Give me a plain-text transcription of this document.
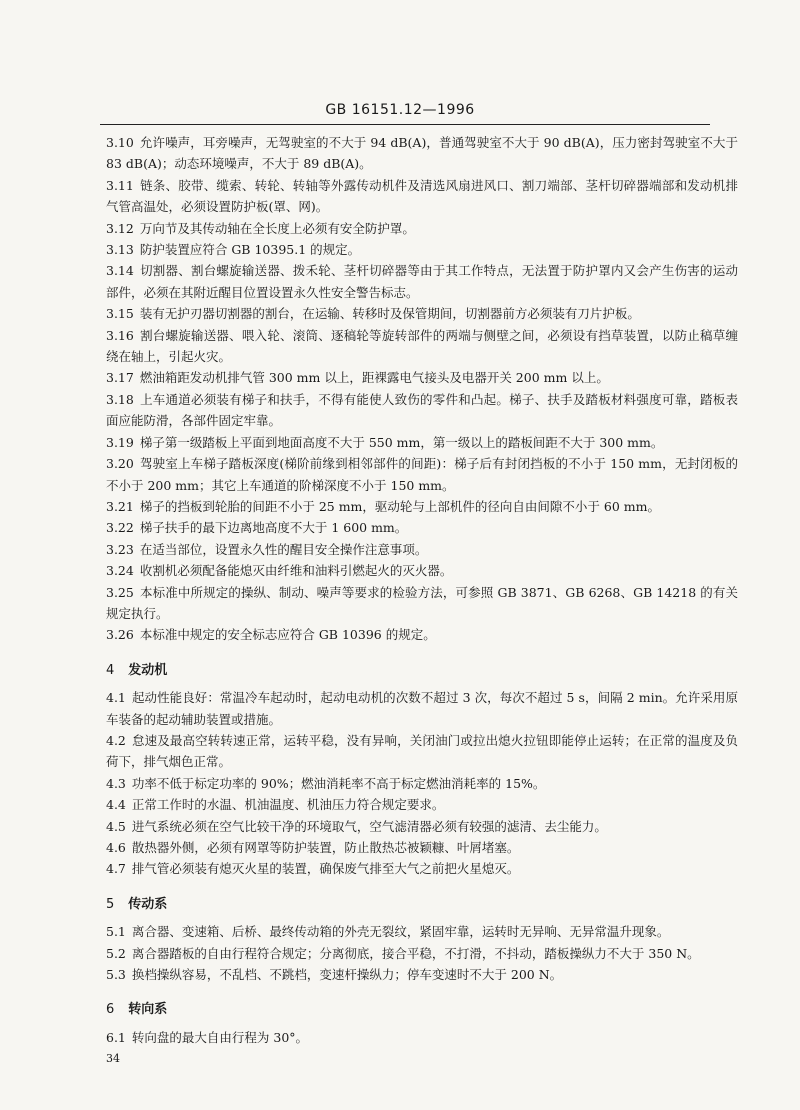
GB 16151.12—1996
3.10 允许噪声，耳旁噪声，无驾驶室的不大于 94 dB(A)，普通驾驶室不大于 90 dB(A)，压力密封驾驶室不大于 83 dB(A)；动态环境噪声，不大于 89 dB(A)。
3.11 链条、胶带、缆索、转轮、转轴等外露传动机件及清选风扇进风口、割刀端部、茎杆切碎器端部和发动机排气管高温处，必须设置防护板(罩、网)。
3.12 万向节及其传动轴在全长度上必须有安全防护罩。
3.13 防护装置应符合 GB 10395.1 的规定。
3.14 切割器、割台螺旋输送器、拨禾轮、茎杆切碎器等由于其工作特点，无法置于防护罩内又会产生伤害的运动部件，必须在其附近醒目位置设置永久性安全警告标志。
3.15 装有无护刃器切割器的割台，在运输、转移时及保管期间，切割器前方必须装有刀片护板。
3.16 割台螺旋输送器、喂入轮、滚筒、逐稿轮等旋转部件的两端与侧壁之间，必须设有挡草装置，以防止稿草缠绕在轴上，引起火灾。
3.17 燃油箱距发动机排气管 300 mm 以上，距裸露电气接头及电器开关 200 mm 以上。
3.18 上车通道必须装有梯子和扶手，不得有能使人致伤的零件和凸起。梯子、扶手及踏板材料强度可靠，踏板表面应能防滑，各部件固定牢靠。
3.19 梯子第一级踏板上平面到地面高度不大于 550 mm，第一级以上的踏板间距不大于 300 mm。
3.20 驾驶室上车梯子踏板深度(梯阶前缘到相邻部件的间距)：梯子后有封闭挡板的不小于 150 mm，无封闭板的不小于 200 mm；其它上车通道的阶梯深度不小于 150 mm。
3.21 梯子的挡板到轮胎的间距不小于 25 mm，驱动轮与上部机件的径向自由间隙不小于 60 mm。
3.22 梯子扶手的最下边离地高度不大于 1 600 mm。
3.23 在适当部位，设置永久性的醒目安全操作注意事项。
3.24 收割机必须配备能熄灭由纤维和油料引燃起火的灭火器。
3.25 本标准中所规定的操纵、制动、噪声等要求的检验方法，可参照 GB 3871、GB 6268、GB 14218 的有关规定执行。
3.26 本标准中规定的安全标志应符合 GB 10396 的规定。
4 发动机
4.1 起动性能良好：常温冷车起动时，起动电动机的次数不超过 3 次，每次不超过 5 s，间隔 2 min。允许采用原车装备的起动辅助装置或措施。
4.2 怠速及最高空转转速正常，运转平稳，没有异响，关闭油门或拉出熄火拉钮即能停止运转；在正常的温度及负荷下，排气烟色正常。
4.3 功率不低于标定功率的 90%；燃油消耗率不高于标定燃油消耗率的 15%。
4.4 正常工作时的水温、机油温度、机油压力符合规定要求。
4.5 进气系统必须在空气比较干净的环境取气，空气滤清器必须有较强的滤清、去尘能力。
4.6 散热器外侧，必须有网罩等防护装置，防止散热芯被颖糠、叶屑堵塞。
4.7 排气管必须装有熄灭火星的装置，确保废气排至大气之前把火星熄灭。
5 传动系
5.1 离合器、变速箱、后桥、最终传动箱的外壳无裂纹，紧固牢靠，运转时无异响、无异常温升现象。
5.2 离合器踏板的自由行程符合规定；分离彻底，接合平稳，不打滑，不抖动，踏板操纵力不大于 350 N。
5.3 换档操纵容易，不乱档、不跳档，变速杆操纵力；停车变速时不大于 200 N。
6 转向系
6.1 转向盘的最大自由行程为 30°。
34
